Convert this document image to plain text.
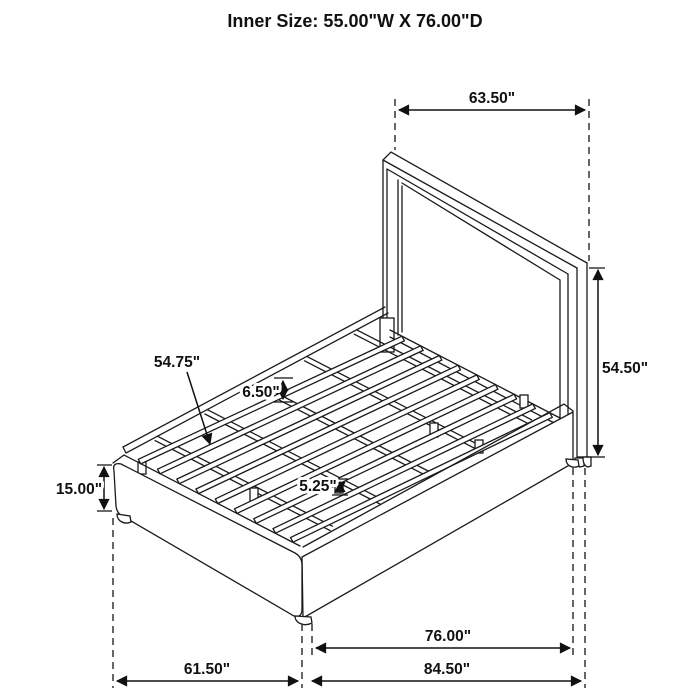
63.50"
54.50"
54.75"
6.50"
5.25"
15.00"
76.00"
61.50"	84.50"
Inner Size: 55.00"W X 76.00"D
